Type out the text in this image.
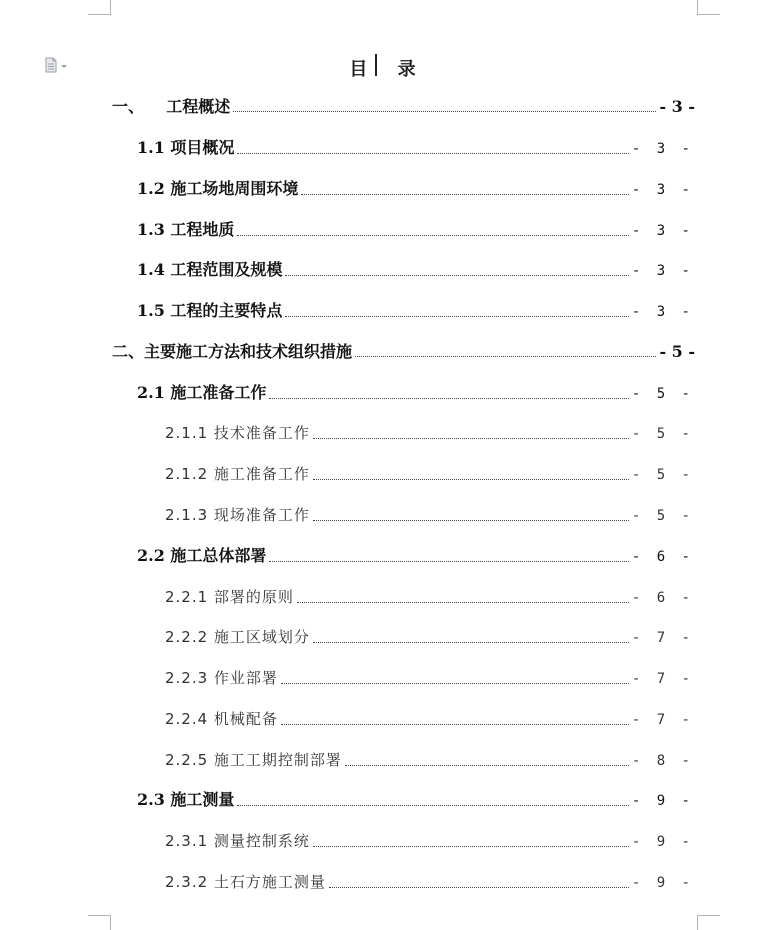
目 录
一、    工程概述	- 3 -
1.1 项目概况	- 3 -
1.2 施工场地周围环境	- 3 -
1.3 工程地质	- 3 -
1.4 工程范围及规模	- 3 -
1.5 工程的主要特点	- 3 -
二、主要施工方法和技术组织措施	- 5 -
2.1 施工准备工作	- 5 -
2.1.1 技术准备工作	- 5 -
2.1.2 施工准备工作	- 5 -
2.1.3 现场准备工作	- 5 -
2.2 施工总体部署	- 6 -
2.2.1 部署的原则	- 6 -
2.2.2 施工区域划分	- 7 -
2.2.3 作业部署	- 7 -
2.2.4 机械配备	- 7 -
2.2.5 施工工期控制部署	- 8 -
2.3 施工测量	- 9 -
2.3.1 测量控制系统	- 9 -
2.3.2 土石方施工测量	- 9 -
